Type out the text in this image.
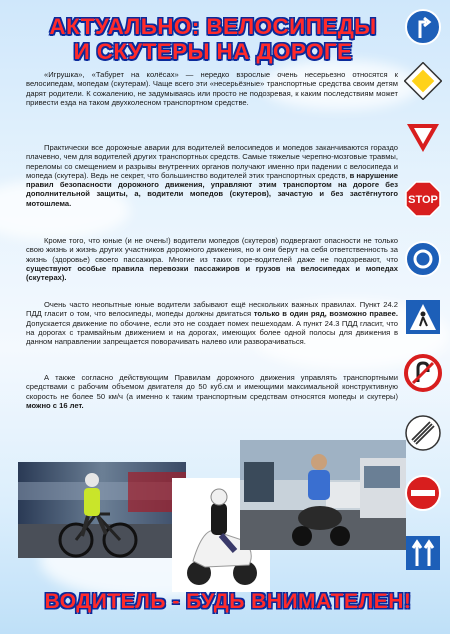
АКТУАЛЬНО: ВЕЛОСИПЕДЫ
И СКУТЕРЫ НА ДОРОГЕ
«Игрушка», «Табурет на колёсах» — нередко взрослые очень несерьезно относятся к велосипедам, мопедам (скутерам). Чаще всего эти «несерьёзные» транспортные средства своим детям дарят родители. К сожалению, не задумываясь или просто не подозревая, к каким последствиям может привести езда на таком двухколесном транспортном средстве.
Практически все дорожные аварии для водителей велосипедов и мопедов заканчиваются гораздо плачевно, чем для водителей других транспортных средств. Самые тяжелые черепно-мозговые травмы, переломы со смещением и разрывы внутренних органов получают именно при падении с велосипеда и мопеда (скутера). Ведь не секрет, что большинство водителей этих транспортных средств, в нарушение правил безопасности дорожного движения, управляют этим транспортом на дороге без дополнительной защиты, а, водители мопедов (скутеров), зачастую и без застёгнутого мотошлема.
Кроме того, что юные (и не очень!) водители мопедов (скутеров) подвергают опасности не только свою жизнь и жизнь других участников дорожного движения, но и они берут на себя ответственность за жизнь (здоровье) своего пассажира. Многие из таких горе-водителей даже не подозревают, что существуют особые правила перевозки пассажиров и грузов на велосипедах и мопедах (скутерах).
Очень часто неопытные юные водители забывают ещё нескольких важных правилах. Пункт 24.2 ПДД гласит о том, что велосипеды, мопеды должны двигаться только в один ряд, возможно правее. Допускается движение по обочине, если это не создает помех пешеходам. А пункт 24.3 ПДД гласит, что на дорогах с трамвайным движением и на дорогах, имеющих более одной полосы для движения в данном направлении запрещается поворачивать налево или разворачиваться.
А также согласно действующим Правилам дорожного движения управлять транспортными средствами с рабочим объемом двигателя до 50 куб.см и имеющими максимальной конструктивную скорость не более 50 км/ч (а именно к таким транспортным средствам относятся мопеды и скутеры) можно с 16 лет.
STOP
ВОДИТЕЛЬ - БУДЬ ВНИМАТЕЛЕН!
